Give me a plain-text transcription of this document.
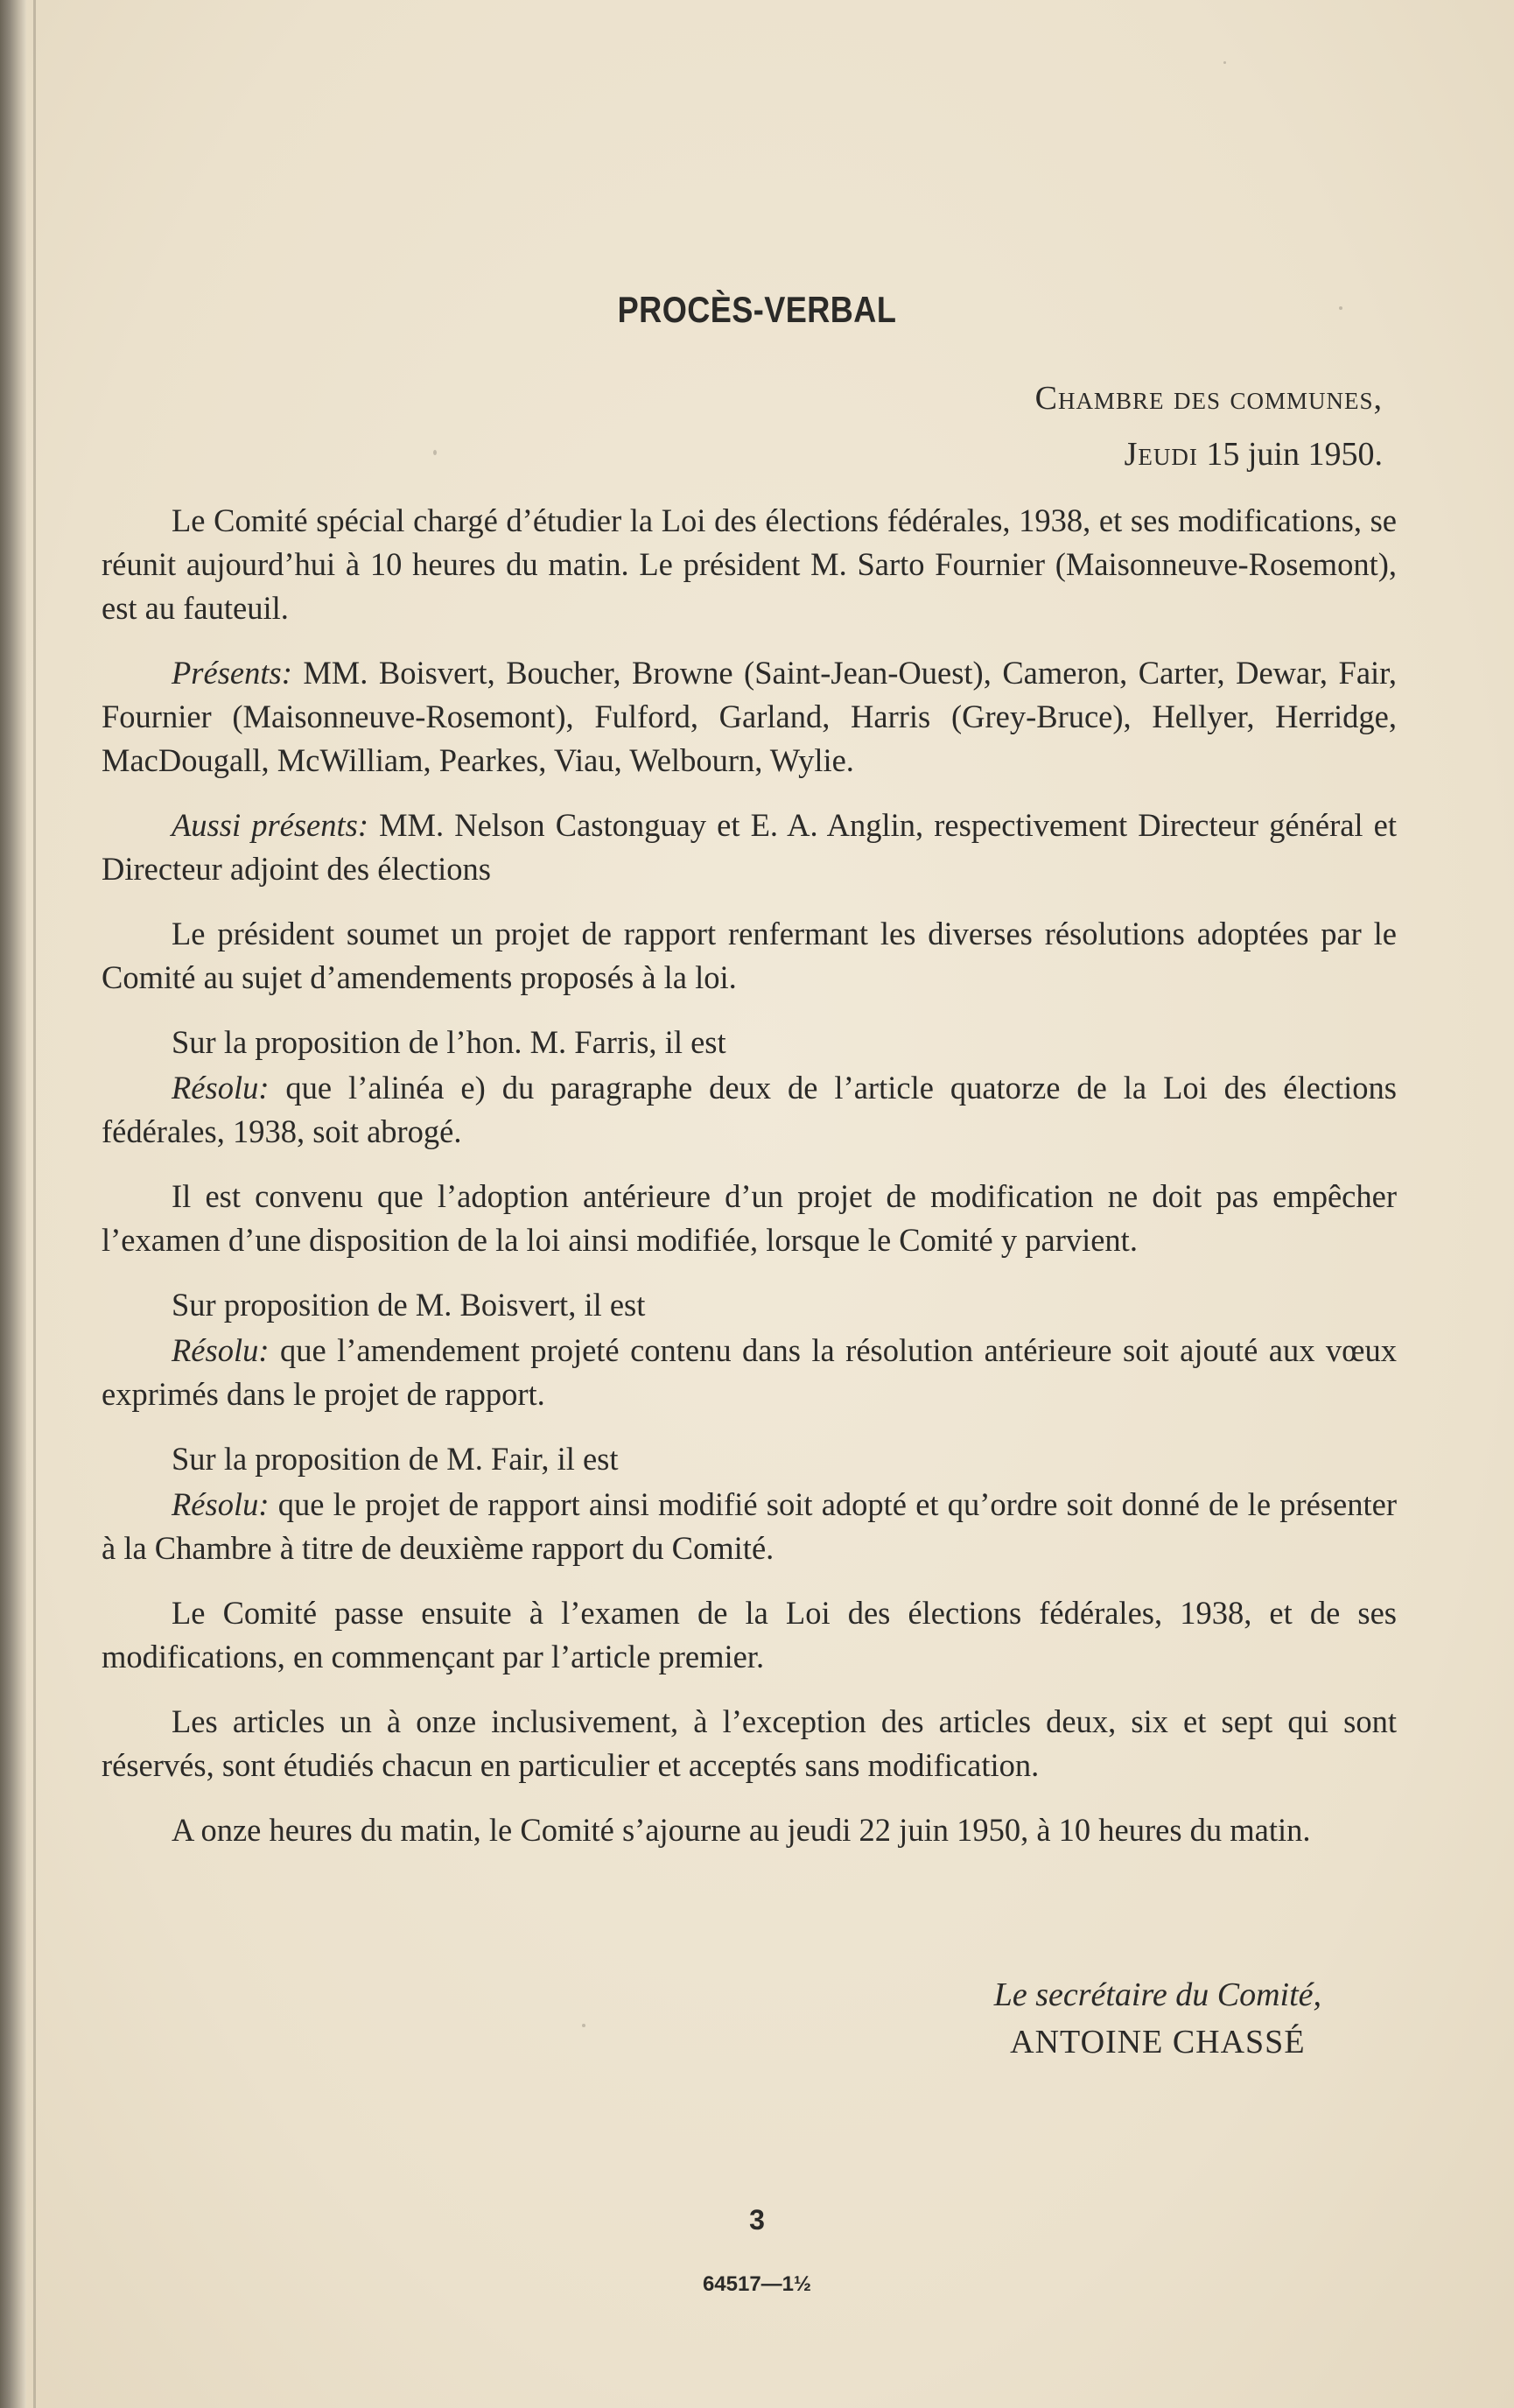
PROCÈS-VERBAL
Chambre des communes,
Jeudi 15 juin 1950.

Le Comité spécial chargé d’étudier la Loi des élections fédérales, 1938, et ses modifications, se réunit aujourd’hui à 10 heures du matin. Le président M. Sarto Fournier (Maisonneuve-Rosemont), est au fauteuil.

Présents: MM. Boisvert, Boucher, Browne (Saint-Jean-Ouest), Cameron, Carter, Dewar, Fair, Fournier (Maisonneuve-Rosemont), Fulford, Garland, Harris (Grey-Bruce), Hellyer, Herridge, MacDougall, McWilliam, Pearkes, Viau, Welbourn, Wylie.

Aussi présents: MM. Nelson Castonguay et E. A. Anglin, respectivement Directeur général et Directeur adjoint des élections

Le président soumet un projet de rapport renfermant les diverses résolutions adoptées par le Comité au sujet d’amendements proposés à la loi.

Sur la proposition de l’hon. M. Farris, il est

Résolu: que l’alinéa e) du paragraphe deux de l’article quatorze de la Loi des élections fédérales, 1938, soit abrogé.

Il est convenu que l’adoption antérieure d’un projet de modification ne doit pas empêcher l’examen d’une disposition de la loi ainsi modifiée, lorsque le Comité y parvient.

Sur proposition de M. Boisvert, il est

Résolu: que l’amendement projeté contenu dans la résolution antérieure soit ajouté aux vœux exprimés dans le projet de rapport.

Sur la proposition de M. Fair, il est

Résolu: que le projet de rapport ainsi modifié soit adopté et qu’ordre soit donné de le présenter à la Chambre à titre de deuxième rapport du Comité.

Le Comité passe ensuite à l’examen de la Loi des élections fédérales, 1938, et de ses modifications, en commençant par l’article premier.

Les articles un à onze inclusivement, à l’exception des articles deux, six et sept qui sont réservés, sont étudiés chacun en particulier et acceptés sans modification.

A onze heures du matin, le Comité s’ajourne au jeudi 22 juin 1950, à 10 heures du matin.

Le secrétaire du Comité,
ANTOINE CHASSÉ
3
64517—1½
